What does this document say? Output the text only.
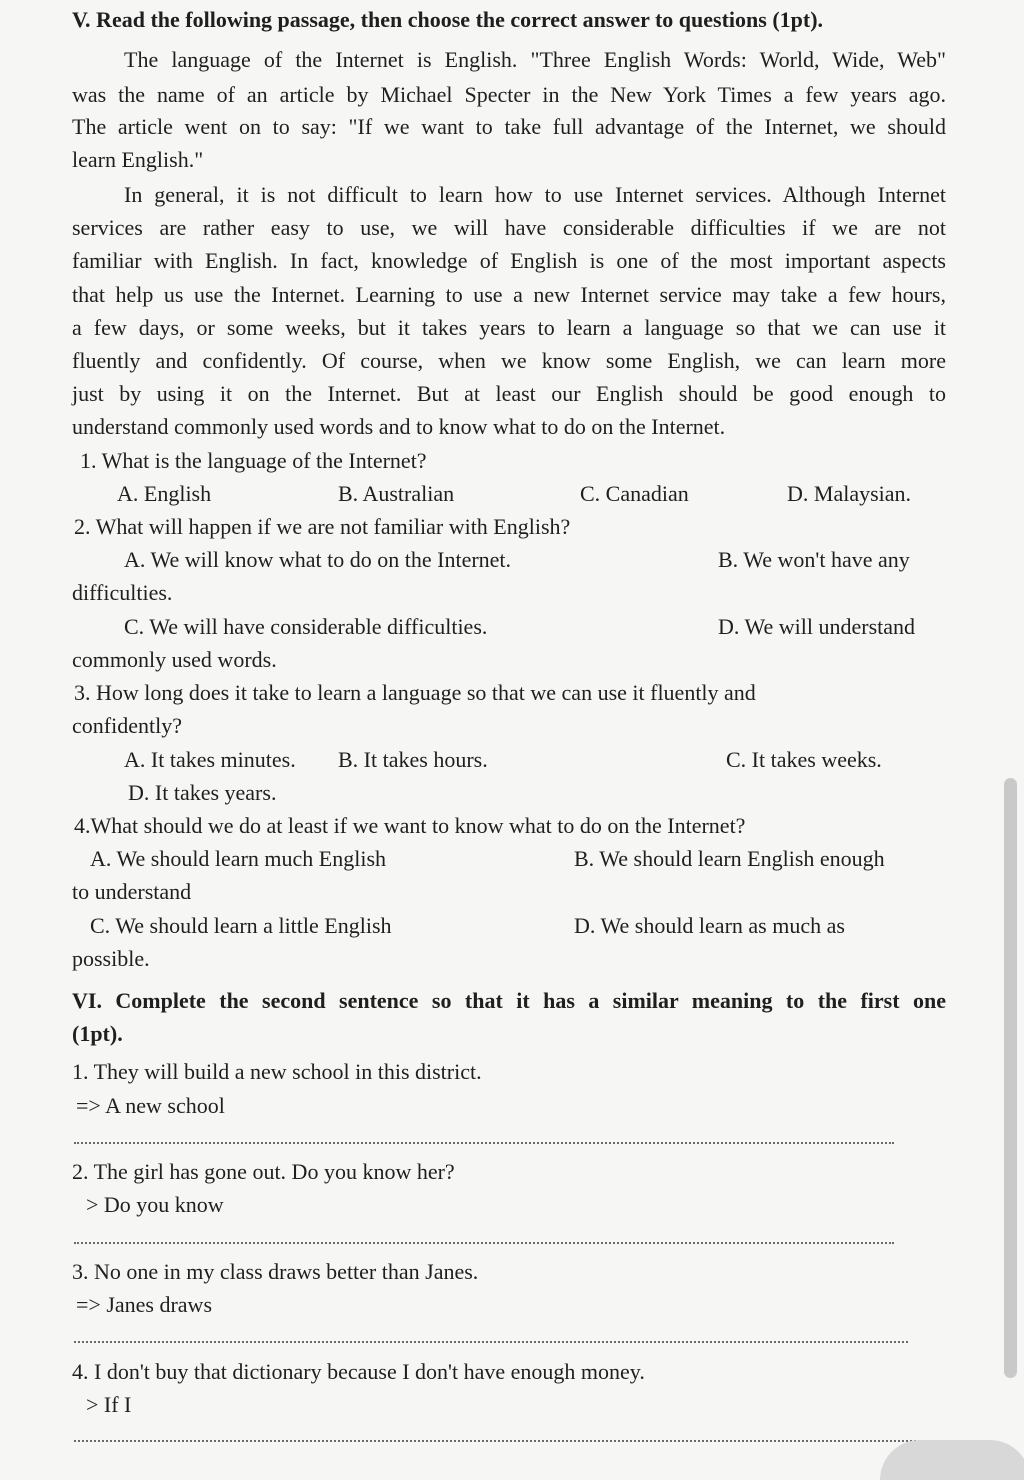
V. Read the following passage, then choose the correct answer to questions (1pt).
The language of the Internet is English. "Three English Words: World, Wide, Web"
was the name of an article by Michael Specter in the New York Times a few years ago.
The article went on to say: "If we want to take full advantage of the Internet, we should
learn English."
In general, it is not difficult to learn how to use Internet services. Although Internet
services are rather easy to use, we will have considerable difficulties if we are not
familiar with English. In fact, knowledge of English is one of the most important aspects
that help us use the Internet. Learning to use a new Internet service may take a few hours,
a few days, or some weeks, but it takes years to learn a language so that we can use it
fluently and confidently. Of course, when we know some English, we can learn more
just by using it on the Internet. But at least our English should be good enough to
understand commonly used words and to know what to do on the Internet.
1. What is the language of the Internet?
A. English	B. Australian	C. Canadian	D. Malaysian.
2. What will happen if we are not familiar with English?
A. We will know what to do on the Internet.	B. We won't have any
difficulties.
C. We will have considerable difficulties.	D. We will understand
commonly used words.
3. How long does it take to learn a language so that we can use it fluently and
confidently?
A. It takes minutes. B. It takes hours.	C. It takes weeks.
D. It takes years.
4.What should we do at least if we want to know what to do on the Internet?
A. We should learn much English	B. We should learn English enough
to understand
C. We should learn a little English	D. We should learn as much as
possible.
VI. Complete the second sentence so that it has a similar meaning to the first one
(1pt).
1. They will build a new school in this district.
=> A new school
2. The girl has gone out. Do you know her?
> Do you know
3. No one in my class draws better than Janes.
=> Janes draws
4. I don't buy that dictionary because I don't have enough money.
> If I
